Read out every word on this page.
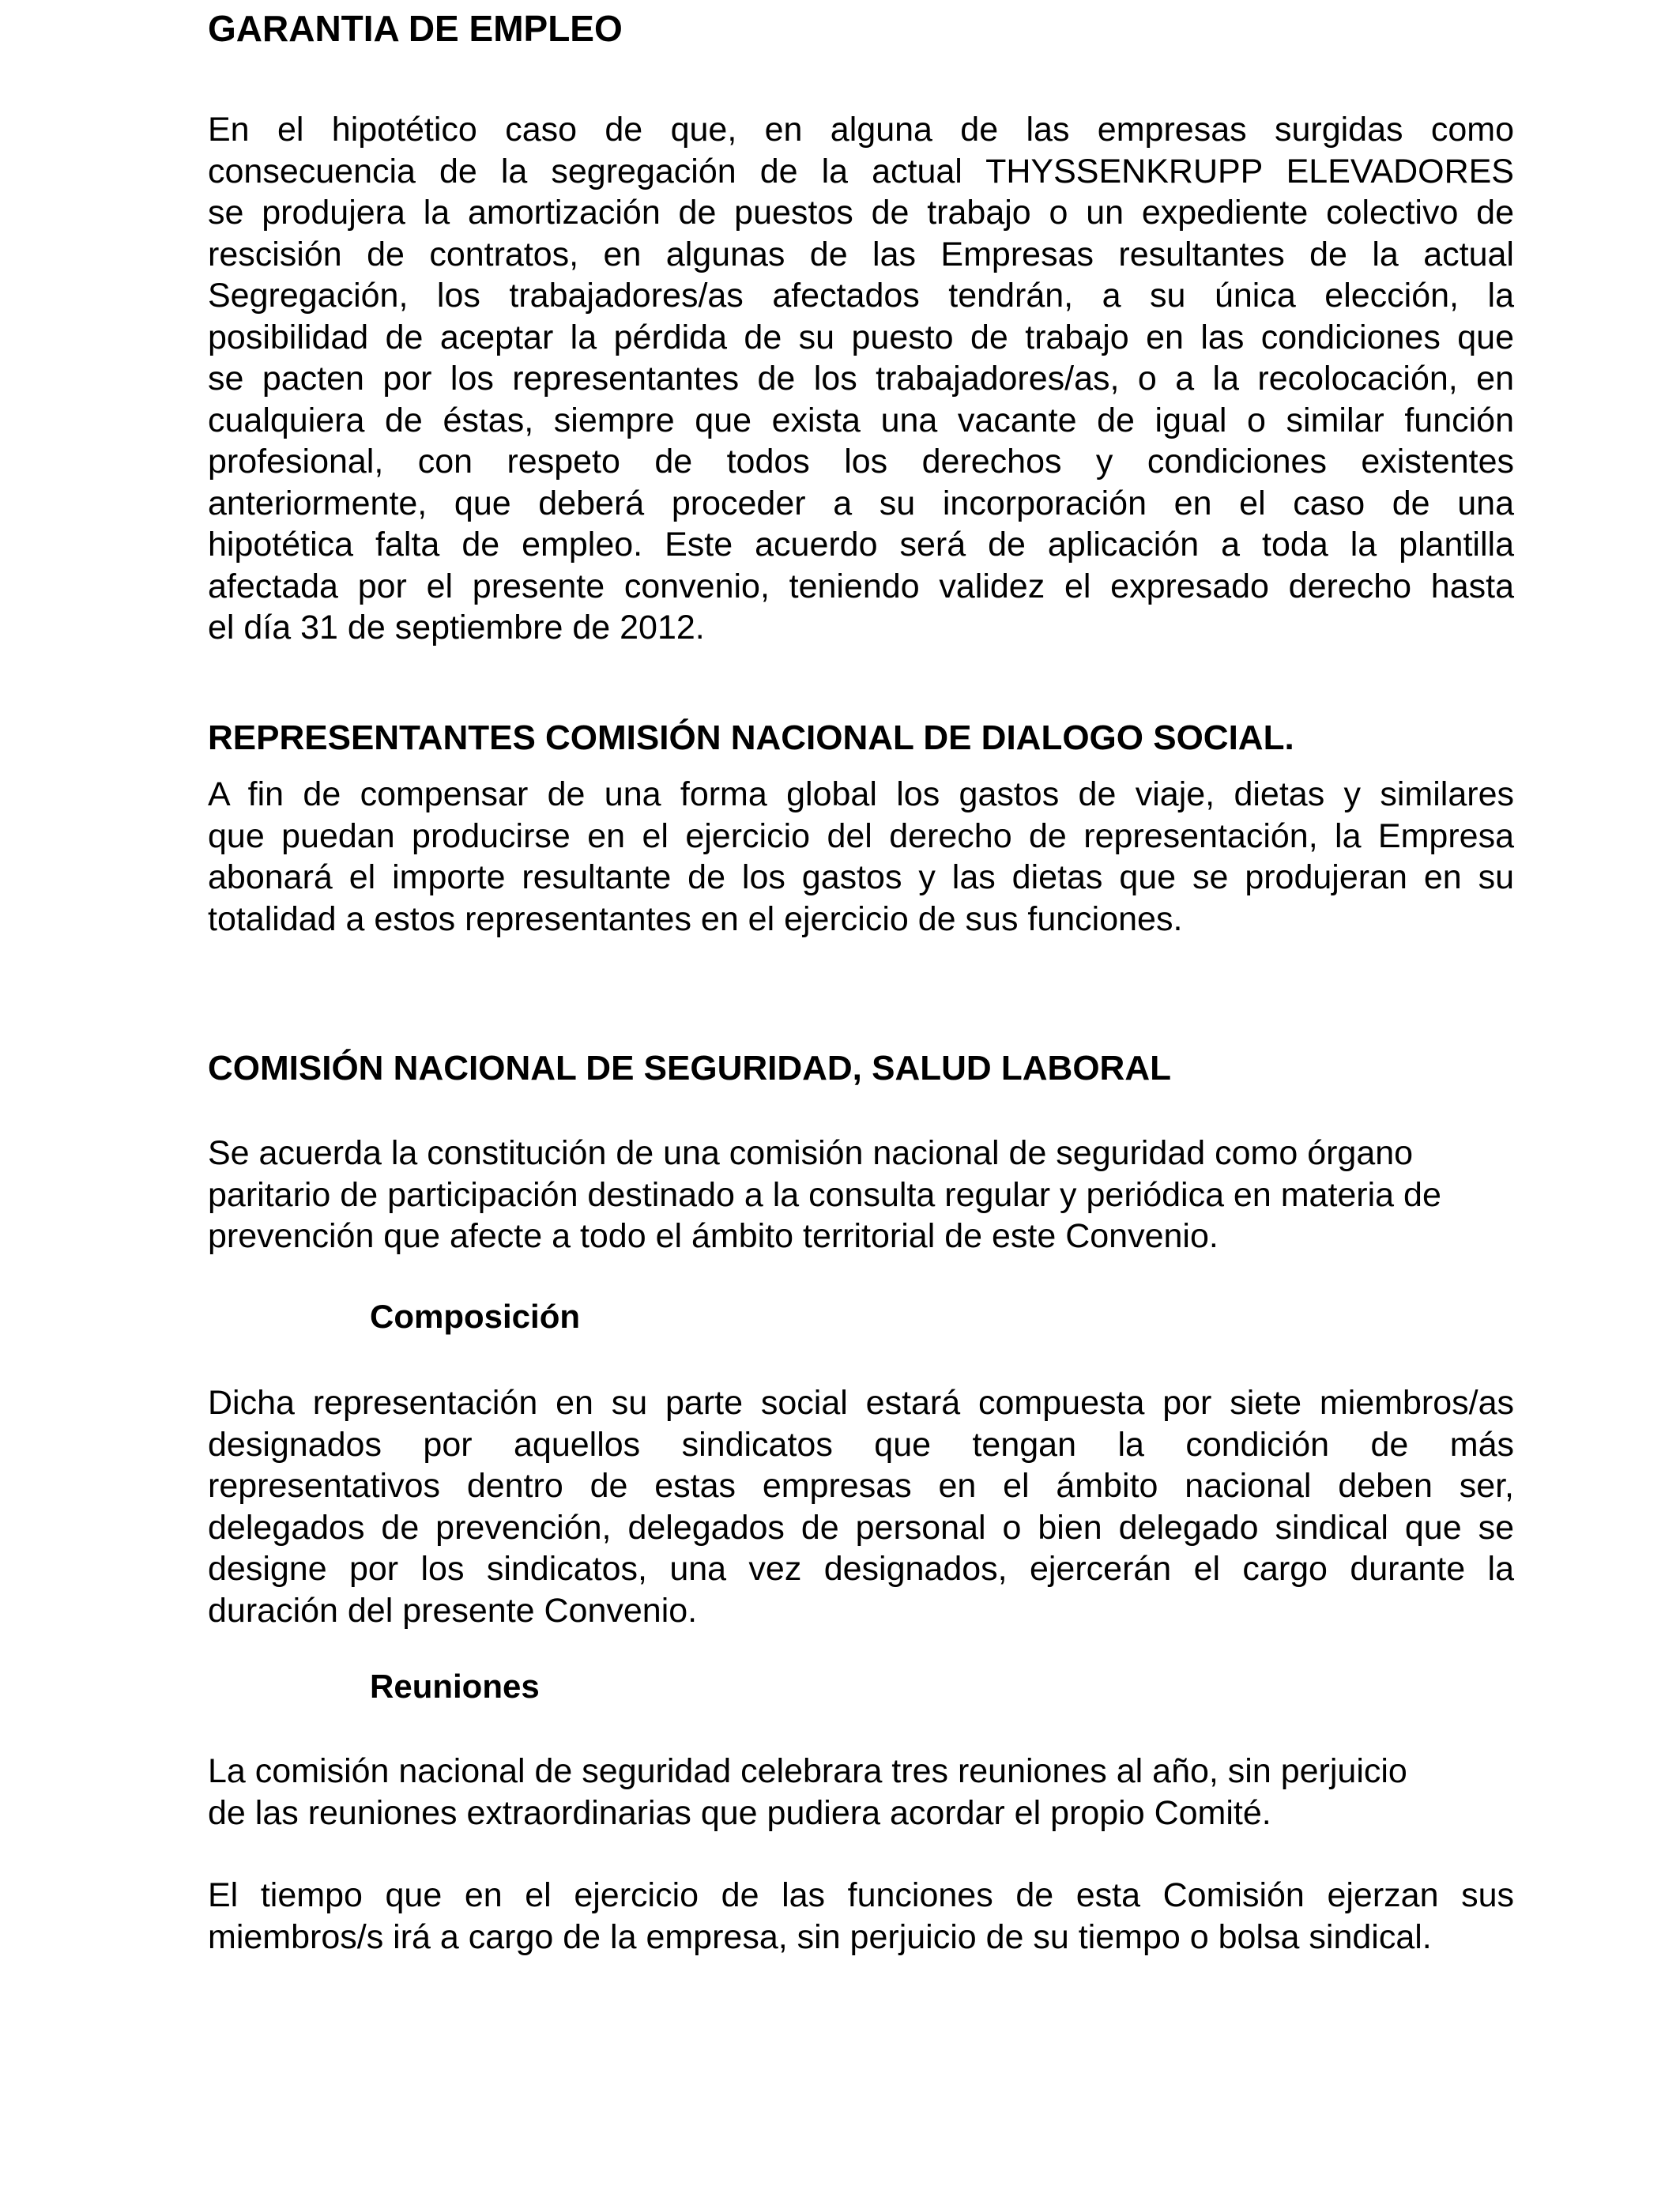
GARANTIA DE EMPLEO
En el hipotético caso de que, en alguna de las empresas surgidas como
consecuencia de la segregación de la actual THYSSENKRUPP ELEVADORES
se produjera la amortización de puestos de trabajo o un expediente colectivo de
rescisión de contratos, en algunas de las Empresas resultantes de la actual
Segregación, los trabajadores/as afectados tendrán, a su única elección, la
posibilidad de aceptar la pérdida de su puesto de trabajo en las condiciones que
se pacten por los representantes de los trabajadores/as, o a la recolocación, en
cualquiera de éstas, siempre que exista una vacante de igual o similar función
profesional, con respeto de todos los derechos y condiciones existentes
anteriormente, que deberá proceder a su incorporación en el caso de una
hipotética falta de empleo. Este acuerdo será de aplicación a toda la plantilla
afectada por el presente convenio, teniendo validez el expresado derecho hasta
el día 31 de septiembre de 2012.
REPRESENTANTES COMISIÓN NACIONAL DE DIALOGO SOCIAL.
A fin de compensar de una forma global los gastos de viaje, dietas y similares
que puedan producirse en el ejercicio del derecho de representación, la Empresa
abonará el importe resultante de los gastos y las dietas que se produjeran en su
totalidad a estos representantes en el ejercicio de sus funciones.
COMISIÓN NACIONAL DE SEGURIDAD, SALUD LABORAL
Se acuerda la constitución de una comisión nacional de seguridad como órgano
paritario de participación destinado a la consulta regular y periódica en materia de
prevención que afecte a todo el ámbito territorial de este Convenio.
Composición
Dicha representación en su parte social estará compuesta por siete miembros/as
designados por aquellos sindicatos que tengan la condición de más
representativos dentro de estas empresas en el ámbito nacional deben ser,
delegados de prevención, delegados de personal o bien delegado sindical que se
designe por los sindicatos, una vez designados, ejercerán el cargo durante la
duración del presente Convenio.
Reuniones
La comisión nacional de seguridad celebrara tres reuniones al año, sin perjuicio
de las reuniones extraordinarias que pudiera acordar el propio Comité.
El tiempo que en el ejercicio de las funciones de esta Comisión ejerzan sus
miembros/s irá a cargo de la empresa, sin perjuicio de su tiempo o bolsa sindical.
